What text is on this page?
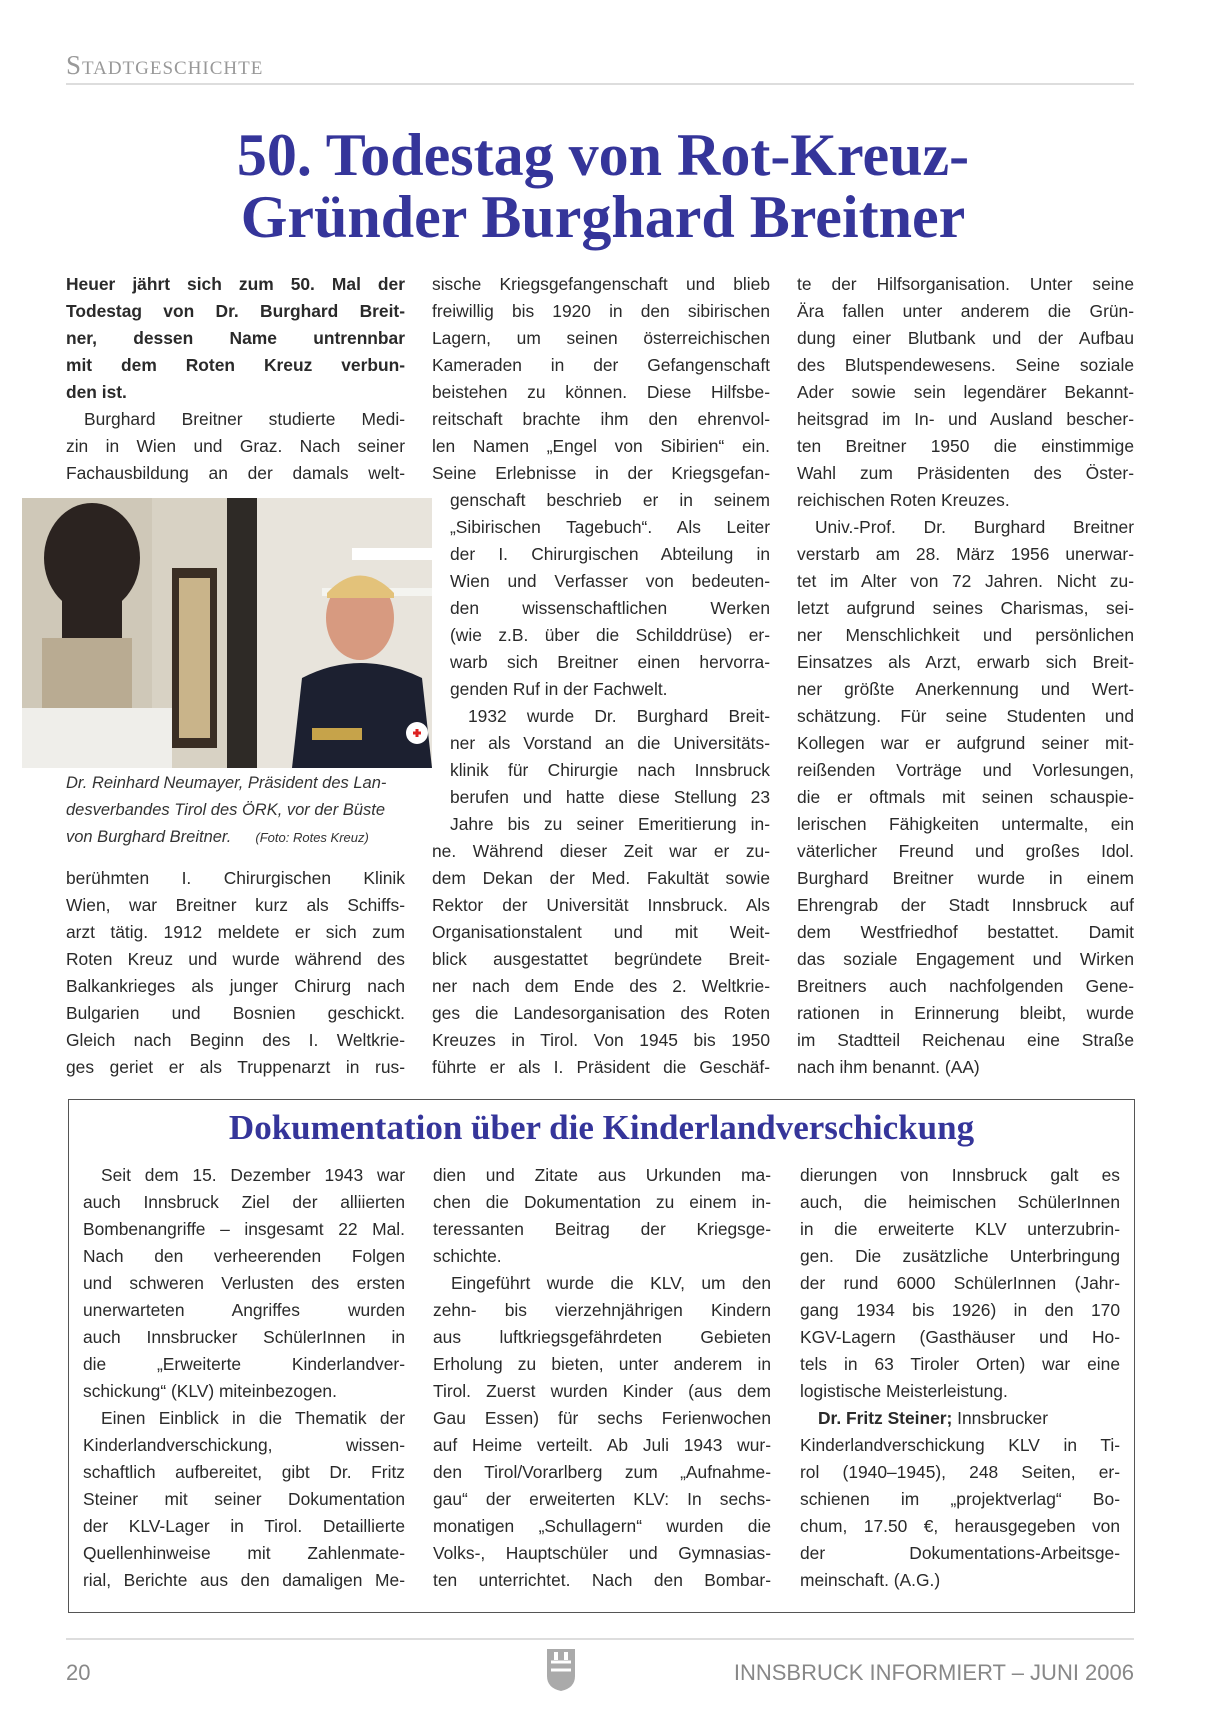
Stadtgeschichte
50. Todestag von Rot-Kreuz-
Gründer Burghard Breitner
Heuer jährt sich zum 50. Mal der
Todestag von Dr. Burghard Breit-
ner, dessen Name untrennbar
mit dem Roten Kreuz verbun-
den ist.
Burghard Breitner studierte Medi-
zin in Wien und Graz. Nach seiner
Fachausbildung an der damals welt-
Dr. Reinhard Neumayer, Präsident des Lan-
desverbandes Tirol des ÖRK, vor der Büste
von Burghard Breitner. (Foto: Rotes Kreuz)
berühmten I. Chirurgischen Klinik
Wien, war Breitner kurz als Schiffs-
arzt tätig. 1912 meldete er sich zum
Roten Kreuz und wurde während des
Balkankrieges als junger Chirurg nach
Bulgarien und Bosnien geschickt.
Gleich nach Beginn des I. Weltkrie-
ges geriet er als Truppenarzt in rus-
sische Kriegsgefangenschaft und blieb
freiwillig bis 1920 in den sibirischen
Lagern, um seinen österreichischen
Kameraden in der Gefangenschaft
beistehen zu können. Diese Hilfsbe-
reitschaft brachte ihm den ehrenvol-
len Namen „Engel von Sibirien“ ein.
Seine Erlebnisse in der Kriegsgefan-
genschaft beschrieb er in seinem
„Sibirischen Tagebuch“. Als Leiter
der I. Chirurgischen Abteilung in
Wien und Verfasser von bedeuten-
den wissenschaftlichen Werken
(wie z.B. über die Schilddrüse) er-
warb sich Breitner einen hervorra-
genden Ruf in der Fachwelt.
1932 wurde Dr. Burghard Breit-
ner als Vorstand an die Universitäts-
klinik für Chirurgie nach Innsbruck
berufen und hatte diese Stellung 23
Jahre bis zu seiner Emeritierung in-
ne. Während dieser Zeit war er zu-
dem Dekan der Med. Fakultät sowie
Rektor der Universität Innsbruck. Als
Organisationstalent und mit Weit-
blick ausgestattet begründete Breit-
ner nach dem Ende des 2. Weltkrie-
ges die Landesorganisation des Roten
Kreuzes in Tirol. Von 1945 bis 1950
führte er als I. Präsident die Geschäf-
te der Hilfsorganisation. Unter seine
Ära fallen unter anderem die Grün-
dung einer Blutbank und der Aufbau
des Blutspendewesens. Seine soziale
Ader sowie sein legendärer Bekannt-
heitsgrad im In- und Ausland bescher-
ten Breitner 1950 die einstimmige
Wahl zum Präsidenten des Öster-
reichischen Roten Kreuzes.
Univ.-Prof. Dr. Burghard Breitner
verstarb am 28. März 1956 unerwar-
tet im Alter von 72 Jahren. Nicht zu-
letzt aufgrund seines Charismas, sei-
ner Menschlichkeit und persönlichen
Einsatzes als Arzt, erwarb sich Breit-
ner größte Anerkennung und Wert-
schätzung. Für seine Studenten und
Kollegen war er aufgrund seiner mit-
reißenden Vorträge und Vorlesungen,
die er oftmals mit seinen schauspie-
lerischen Fähigkeiten untermalte, ein
väterlicher Freund und großes Idol.
Burghard Breitner wurde in einem
Ehrengrab der Stadt Innsbruck auf
dem Westfriedhof bestattet. Damit
das soziale Engagement und Wirken
Breitners auch nachfolgenden Gene-
rationen in Erinnerung bleibt, wurde
im Stadtteil Reichenau eine Straße
nach ihm benannt. (AA)
Dokumentation über die Kinderlandverschickung
Seit dem 15. Dezember 1943 war
auch Innsbruck Ziel der alliierten
Bombenangriffe – insgesamt 22 Mal.
Nach den verheerenden Folgen
und schweren Verlusten des ersten
unerwarteten Angriffes wurden
auch Innsbrucker SchülerInnen in
die „Erweiterte Kinderlandver-
schickung“ (KLV) miteinbezogen.
Einen Einblick in die Thematik der
Kinderlandverschickung, wissen-
schaftlich aufbereitet, gibt Dr. Fritz
Steiner mit seiner Dokumentation
der KLV-Lager in Tirol. Detaillierte
Quellenhinweise mit Zahlenmate-
rial, Berichte aus den damaligen Me-
dien und Zitate aus Urkunden ma-
chen die Dokumentation zu einem in-
teressanten Beitrag der Kriegsge-
schichte.
Eingeführt wurde die KLV, um den
zehn- bis vierzehnjährigen Kindern
aus luftkriegsgefährdeten Gebieten
Erholung zu bieten, unter anderem in
Tirol. Zuerst wurden Kinder (aus dem
Gau Essen) für sechs Ferienwochen
auf Heime verteilt. Ab Juli 1943 wur-
den Tirol/Vorarlberg zum „Aufnahme-
gau“ der erweiterten KLV: In sechs-
monatigen „Schullagern“ wurden die
Volks-, Hauptschüler und Gymnasias-
ten unterrichtet. Nach den Bombar-
dierungen von Innsbruck galt es
auch, die heimischen SchülerInnen
in die erweiterte KLV unterzubrin-
gen. Die zusätzliche Unterbringung
der rund 6000 SchülerInnen (Jahr-
gang 1934 bis 1926) in den 170
KGV-Lagern (Gasthäuser und Ho-
tels in 63 Tiroler Orten) war eine
logistische Meisterleistung.
Dr. Fritz Steiner; Innsbrucker
Kinderlandverschickung KLV in Ti-
rol (1940–1945), 248 Seiten, er-
schienen im „projektverlag“ Bo-
chum, 17.50 €, herausgegeben von
der Dokumentations-Arbeitsge-
meinschaft. (A.G.)
20	INNSBRUCK INFORMIERT – JUNI 2006
